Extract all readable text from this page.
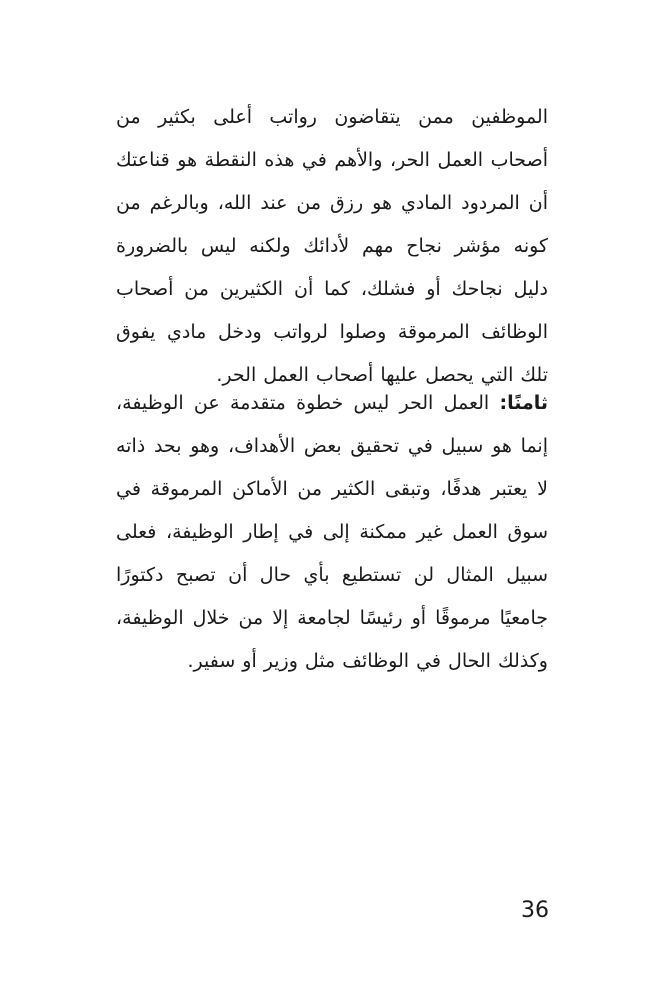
الموظفين ممن يتقاضون رواتب أعلى بكثير من أصحاب العمل الحر، والأهم في هذه النقطة هو قناعتك أن المردود المادي هو رزق من عند الله، وبالرغم من كونه مؤشر نجاح مهم لأدائك ولكنه ليس بالضرورة دليل نجاحك أو فشلك، كما أن الكثيرين من أصحاب الوظائف المرموقة وصلوا لرواتب ودخل مادي يفوق تلك التي يحصل عليها أصحاب العمل الحر.

ثامنًا: العمل الحر ليس خطوة متقدمة عن الوظيفة، إنما هو سبيل في تحقيق بعض الأهداف، وهو بحد ذاته لا يعتبر هدفًا، وتبقى الكثير من الأماكن المرموقة في سوق العمل غير ممكنة إلى في إطار الوظيفة، فعلى سبيل المثال لن تستطيع بأي حال أن تصبح دكتورًا جامعيًا مرموقًا أو رئيسًا لجامعة إلا من خلال الوظيفة، وكذلك الحال في الوظائف مثل وزير أو سفير.

36
